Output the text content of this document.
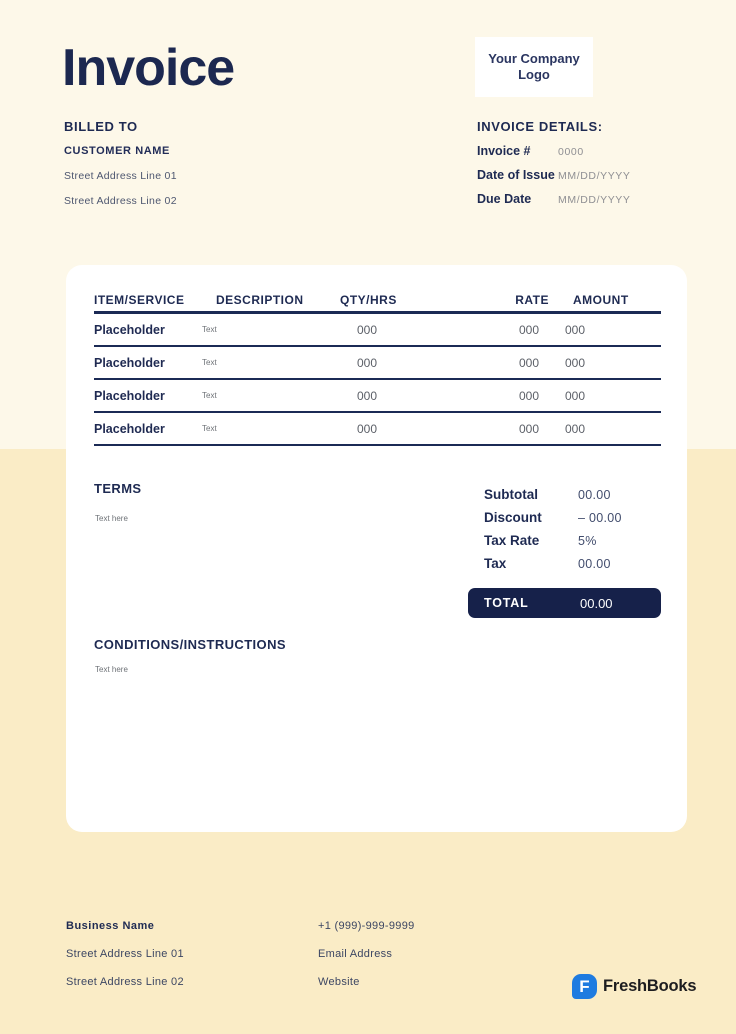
Invoice	Your Company
Logo
BILLED TO
CUSTOMER NAME
Street Address Line 01
Street Address Line 02
INVOICE DETAILS:
Invoice #	0000
Date of Issue MM/DD/YYYY
Due Date	MM/DD/YYYY
ITEM/SERVICE	DESCRIPTION	QTY/HRS	RATE	AMOUNT
Placeholder	Text	000	000	000
Placeholder	Text	000	000	000
Placeholder	Text	000	000	000
Placeholder	Text	000	000	000
TERMS
Text here
Subtotal	00.00
Discount	– 00.00
Tax Rate	5%
Tax	00.00
TOTAL	00.00
CONDITIONS/INSTRUCTIONS
Text here
Business Name
Street Address Line 01
Street Address Line 02
+1 (999)-999-9999
Email Address
Website	F FreshBooks
